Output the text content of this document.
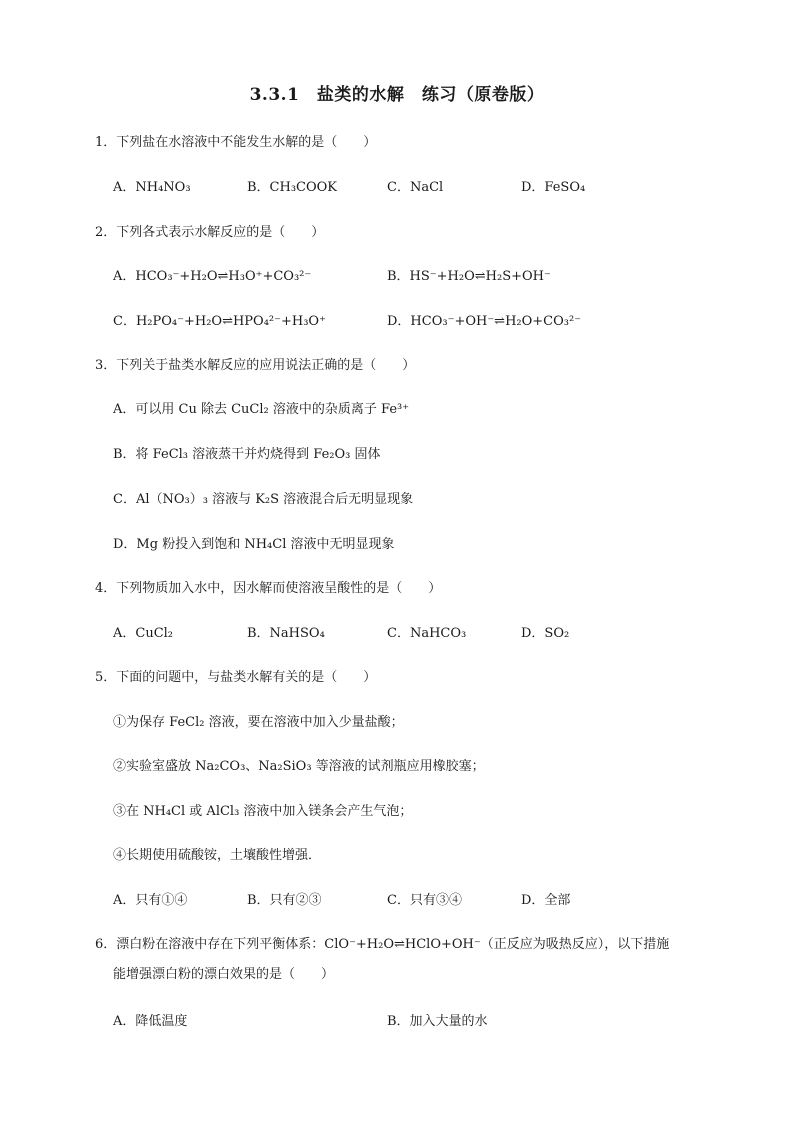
3.3.1　盐类的水解　练习（原卷版）
1．下列盐在水溶液中不能发生水解的是（　　）
A．NH₄NO₃	B．CH₃COOK	C．NaCl	D．FeSO₄
2．下列各式表示水解反应的是（　　）
A．HCO₃⁻+H₂O⇌H₃O⁺+CO₃²⁻	B．HS⁻+H₂O⇌H₂S+OH⁻
C．H₂PO₄⁻+H₂O⇌HPO₄²⁻+H₃O⁺	D．HCO₃⁻+OH⁻⇌H₂O+CO₃²⁻
3．下列关于盐类水解反应的应用说法正确的是（　　）
A．可以用 Cu 除去 CuCl₂ 溶液中的杂质离子 Fe³⁺
B．将 FeCl₃ 溶液蒸干并灼烧得到 Fe₂O₃ 固体
C．Al（NO₃）₃ 溶液与 K₂S 溶液混合后无明显现象
D．Mg 粉投入到饱和 NH₄Cl 溶液中无明显现象
4．下列物质加入水中，因水解而使溶液呈酸性的是（　　）
A．CuCl₂	B．NaHSO₄	C．NaHCO₃	D．SO₂
5．下面的问题中，与盐类水解有关的是（　　）
①为保存 FeCl₂ 溶液，要在溶液中加入少量盐酸；
②实验室盛放 Na₂CO₃、Na₂SiO₃ 等溶液的试剂瓶应用橡胶塞；
③在 NH₄Cl 或 AlCl₃ 溶液中加入镁条会产生气泡；
④长期使用硫酸铵，土壤酸性增强．
A．只有①④	B．只有②③	C．只有③④	D．全部
6．漂白粉在溶液中存在下列平衡体系：ClO⁻+H₂O⇌HClO+OH⁻（正反应为吸热反应），以下措施
能增强漂白粉的漂白效果的是（　　）
A．降低温度	B．加入大量的水
